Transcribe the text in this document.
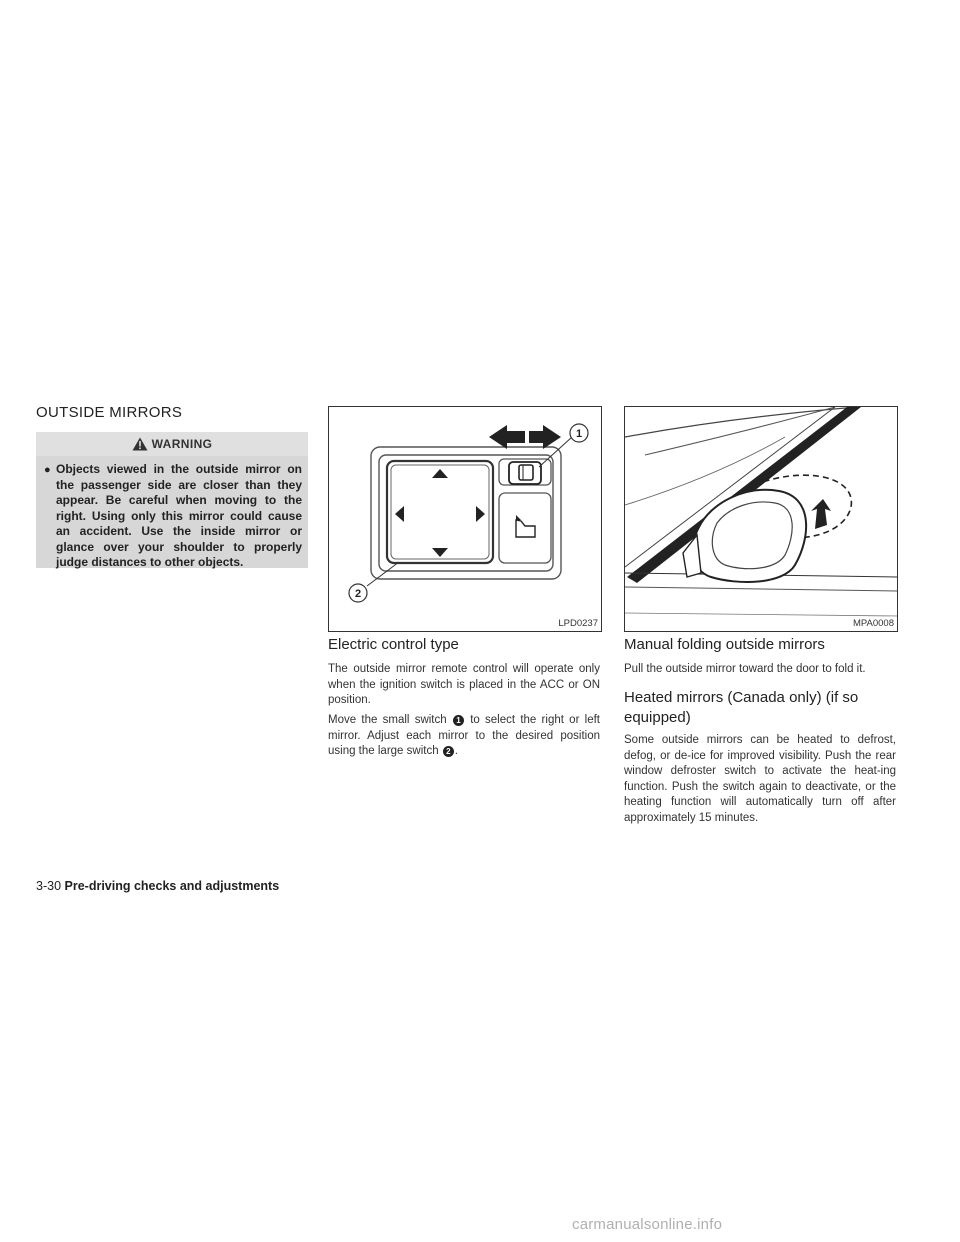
OUTSIDE MIRRORS
WARNING
● Objects viewed in the outside mirror on the passenger side are closer than they appear. Be careful when moving to the right. Using only this mirror could cause an accident. Use the inside mirror or glance over your shoulder to properly judge distances to other objects.
1
2
LPD0237	MPA0008
Electric control type
The outside mirror remote control will operate only when the ignition switch is placed in the ACC or ON position.
Move the small switch 1 to select the right or left mirror. Adjust each mirror to the desired position using the large switch 2 .
Manual folding outside mirrors
Pull the outside mirror toward the door to fold it.
Heated mirrors (Canada only) (if so
equipped)
Some outside mirrors can be heated to defrost, defog, or de-ice for improved visibility. Push the rear window defroster switch to activate the heat-ing function. Push the switch again to deactivate, or the heating function will automatically turn off after approximately 15 minutes.
3-30 Pre-driving checks and adjustments
carmanualsonline.info
